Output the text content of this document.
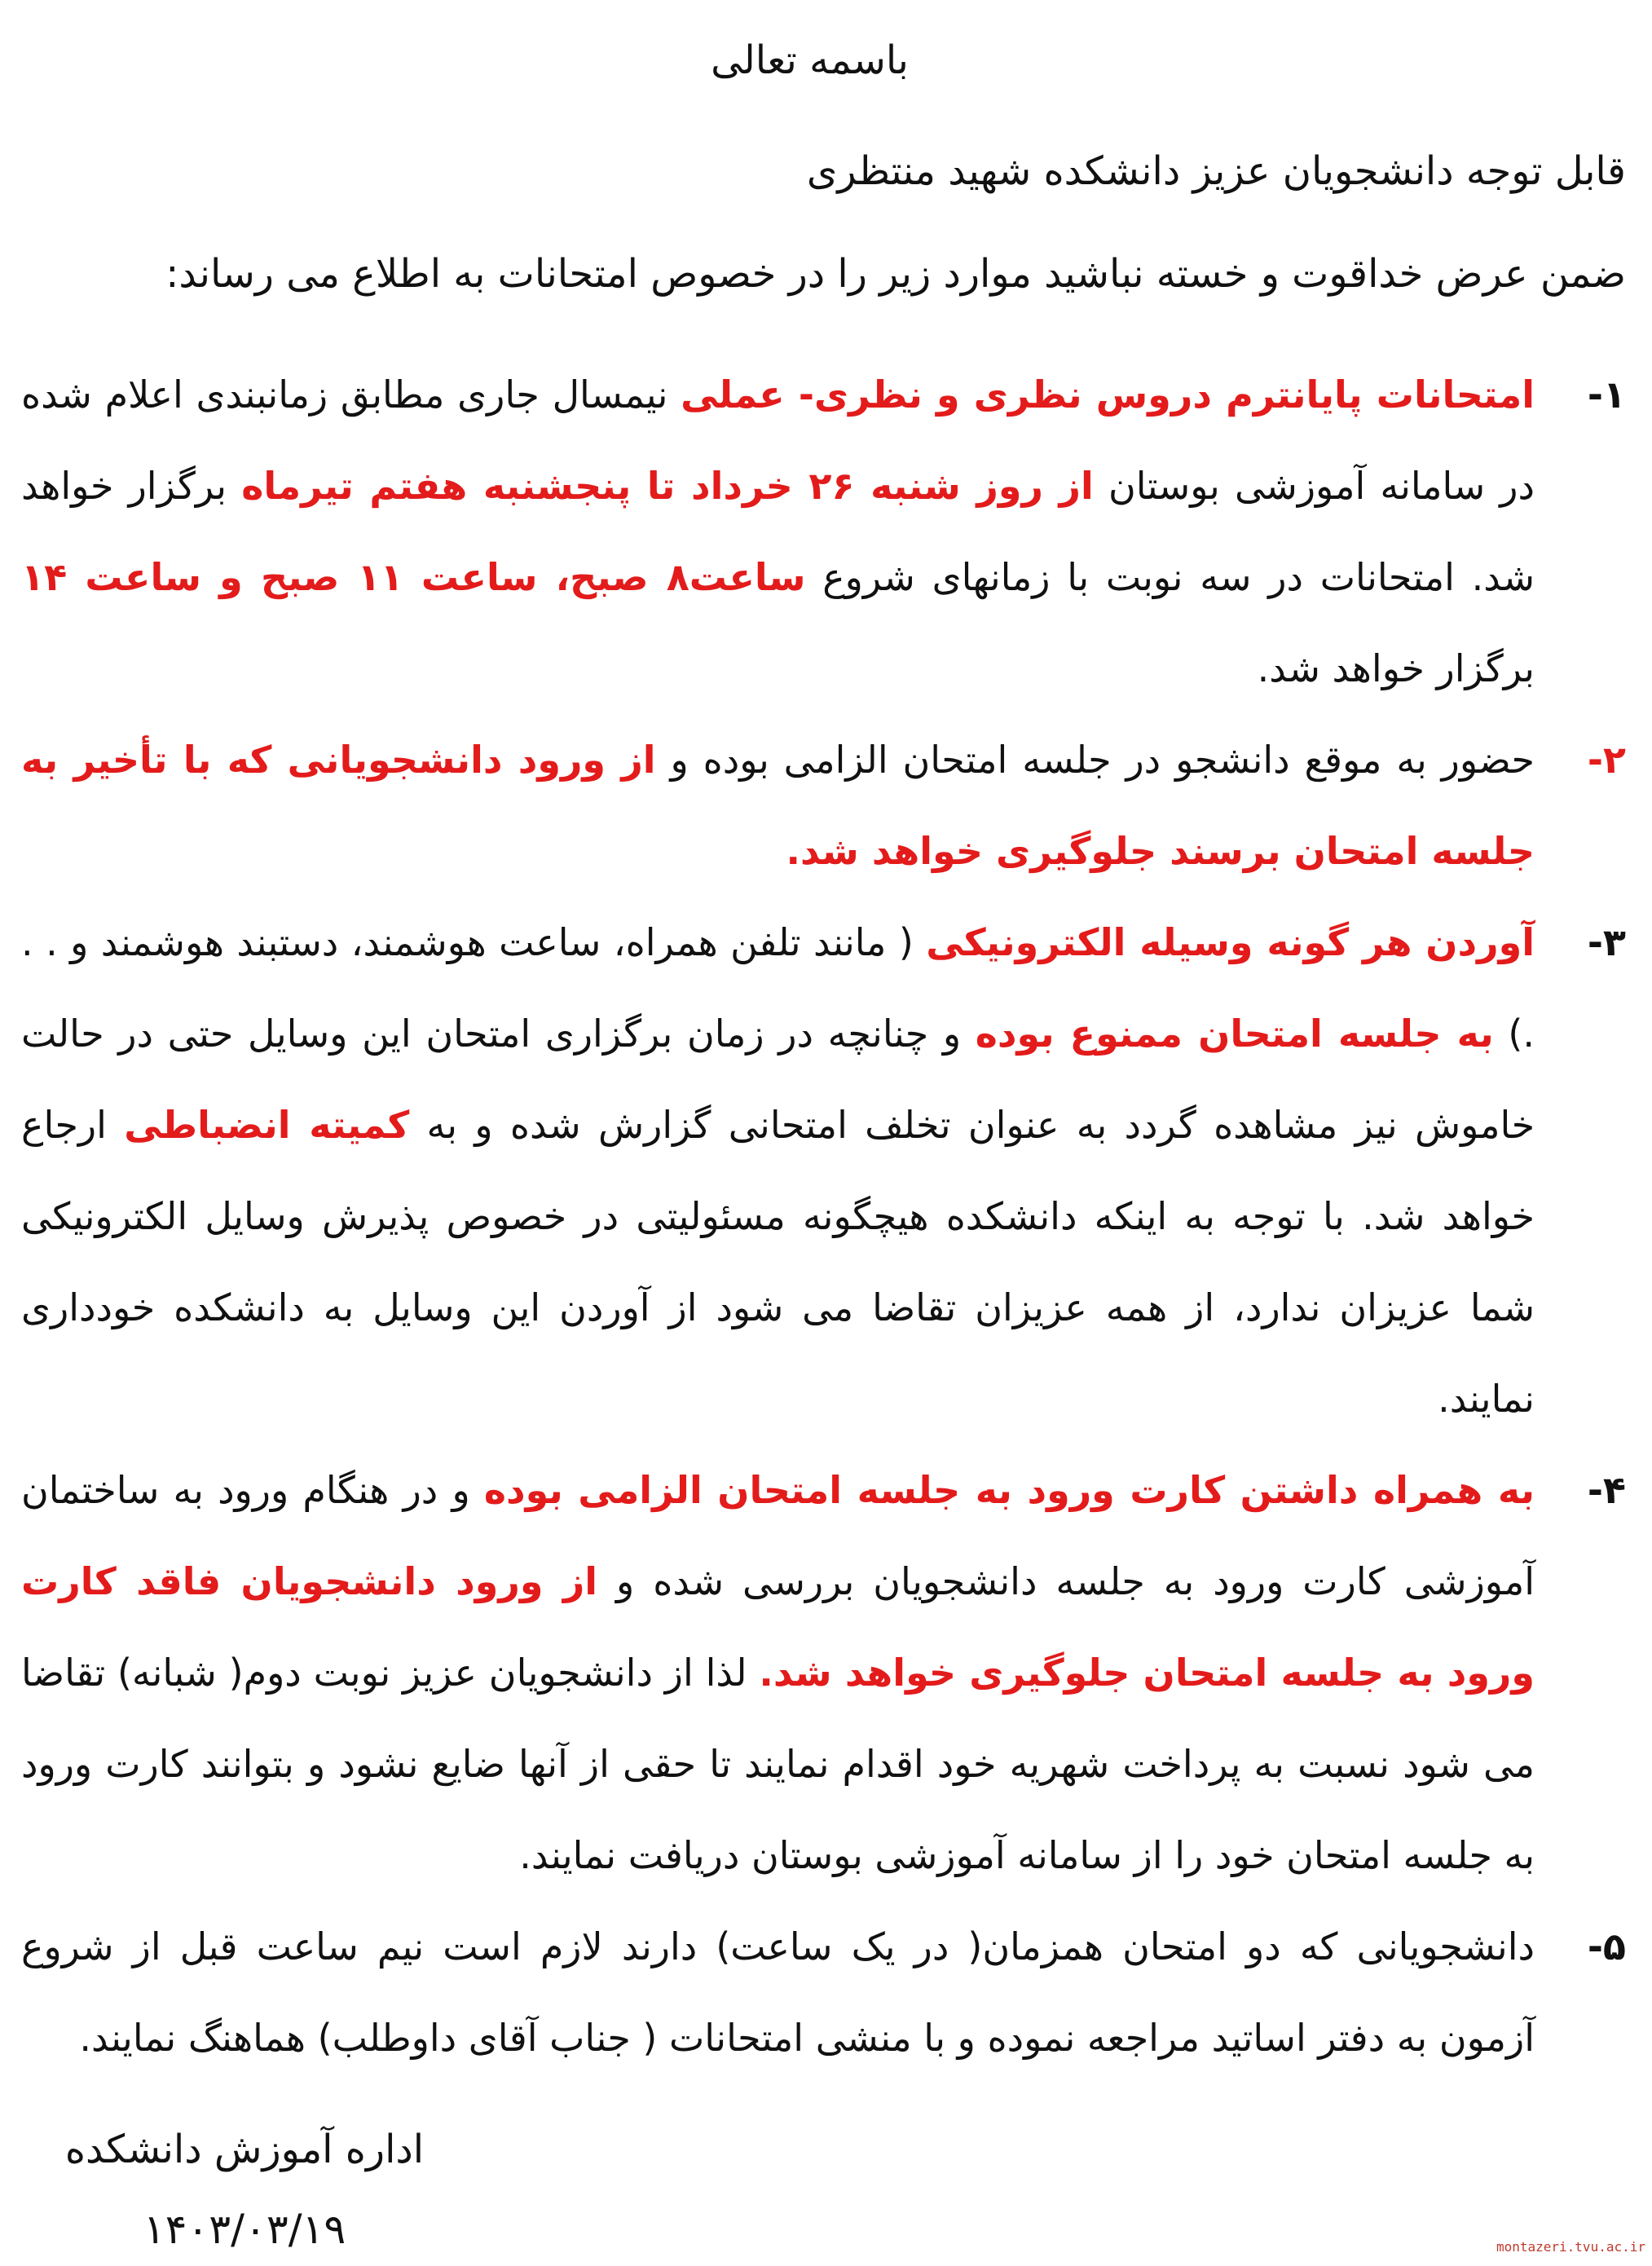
باسمه تعالی
قابل توجه دانشجویان عزیز دانشکده شهید منتظری
ضمن عرض خداقوت و خسته نباشید موارد زیر را در خصوص امتحانات به اطلاع می رساند:
۱-
امتحانات پایانترم دروس نظری و نظری- عملی نیمسال جاری مطابق زمانبندی اعلام شده در سامانه آموزشی بوستان از روز شنبه ۲۶ خرداد تا پنجشنبه هفتم تیرماه برگزار خواهد شد. امتحانات در سه نوبت با زمانهای شروع ساعت۸ صبح، ساعت ۱۱ صبح و ساعت ۱۴ برگزار خواهد شد.
۲-
حضور به موقع دانشجو در جلسه امتحان الزامی بوده و از ورود دانشجویانی که با تأخیر به جلسه امتحان برسند جلوگیری خواهد شد.
۳-
آوردن هر گونه وسیله الکترونیکی ( مانند تلفن همراه، ساعت هوشمند، دستبند هوشمند و . . .) به جلسه امتحان ممنوع بوده و چنانچه در زمان برگزاری امتحان این وسایل حتی در حالت خاموش نیز مشاهده گردد به عنوان تخلف امتحانی گزارش شده و به کمیته انضباطی ارجاع خواهد شد. با توجه به اینکه دانشکده هیچگونه مسئولیتی در خصوص پذیرش وسایل الکترونیکی شما عزیزان ندارد، از همه عزیزان تقاضا می شود از آوردن این وسایل به دانشکده خودداری نمایند.
۴-
به همراه داشتن کارت ورود به جلسه امتحان الزامی بوده و در هنگام ورود به ساختمان آموزشی کارت ورود به جلسه دانشجویان بررسی شده و از ورود دانشجویان فاقد کارت ورود به جلسه امتحان جلوگیری خواهد شد. لذا از دانشجویان عزیز نوبت دوم( شبانه) تقاضا می شود نسبت به پرداخت شهریه خود اقدام نمایند تا حقی از آنها ضایع نشود و بتوانند کارت ورود به جلسه امتحان خود را از سامانه آموزشی بوستان دریافت نمایند.
۵-
دانشجویانی که دو امتحان همزمان( در یک ساعت) دارند لازم است نیم ساعت قبل از شروع آزمون به دفتر اساتید مراجعه نموده و با منشی امتحانات ( جناب آقای داوطلب) هماهنگ نمایند.
اداره آموزش دانشکده
۱۴۰۳/۰۳/۱۹	montazeri.tvu.ac.ir
